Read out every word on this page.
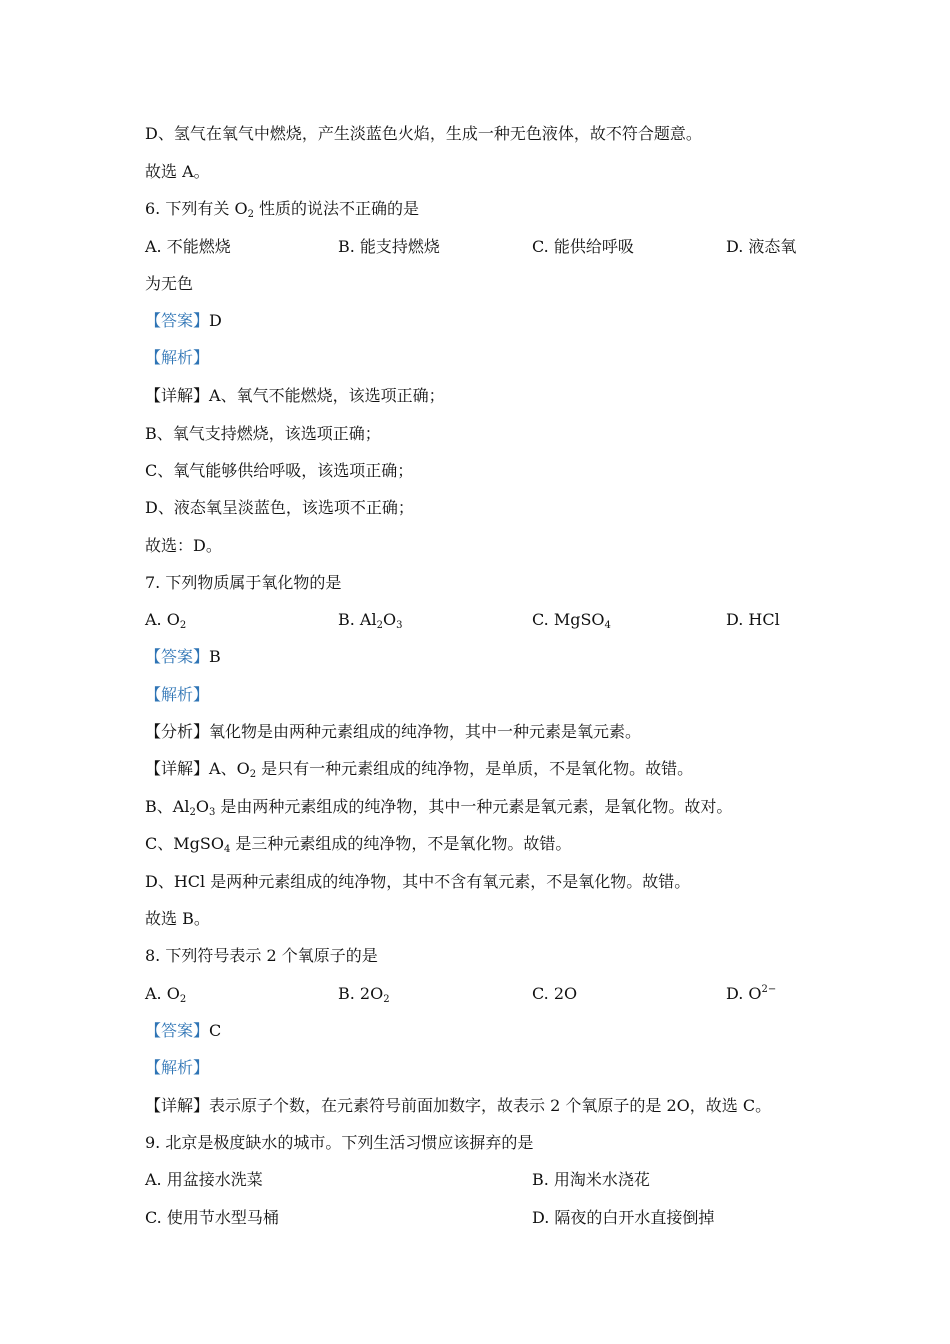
D、氢气在氧气中燃烧，产生淡蓝色火焰，生成一种无色液体，故不符合题意。
故选 A。
6. 下列有关 $O_2$ 性质的说法不正确的是
A. 不能燃烧	B. 能支持燃烧	C. 能供给呼吸	D. 液态氧
为无色
【答案】D
【解析】
【详解】A、氧气不能燃烧，该选项正确；
B、氧气支持燃烧，该选项正确；
C、氧气能够供给呼吸，该选项正确；
D、液态氧呈淡蓝色，该选项不正确；
故选：D。
7. 下列物质属于氧化物的是
A. $O_2$	B. $Al_2O_3$	C. MgSO$_4$	D. HCl
【答案】B
【解析】
【分析】氧化物是由两种元素组成的纯净物，其中一种元素是氧元素。
【详解】A、$O_2$ 是只有一种元素组成的纯净物，是单质，不是氧化物。故错。
B、$Al_2O_3$ 是由两种元素组成的纯净物，其中一种元素是氧元素，是氧化物。故对。
C、MgSO$_4$ 是三种元素组成的纯净物，不是氧化物。故错。
D、HCl 是两种元素组成的纯净物，其中不含有氧元素，不是氧化物。故错。
故选 B。
8. 下列符号表示 2 个氧原子的是
A. $O_2$	B. $2O_2$	C. 2O	D. $O^{2-}$
【答案】C
【解析】
【详解】表示原子个数，在元素符号前面加数字，故表示 2 个氧原子的是 2O，故选 C。
9. 北京是极度缺水的城市。下列生活习惯应该摒弃的是
A. 用盆接水洗菜	B. 用淘米水浇花
C. 使用节水型马桶	D. 隔夜的白开水直接倒掉
